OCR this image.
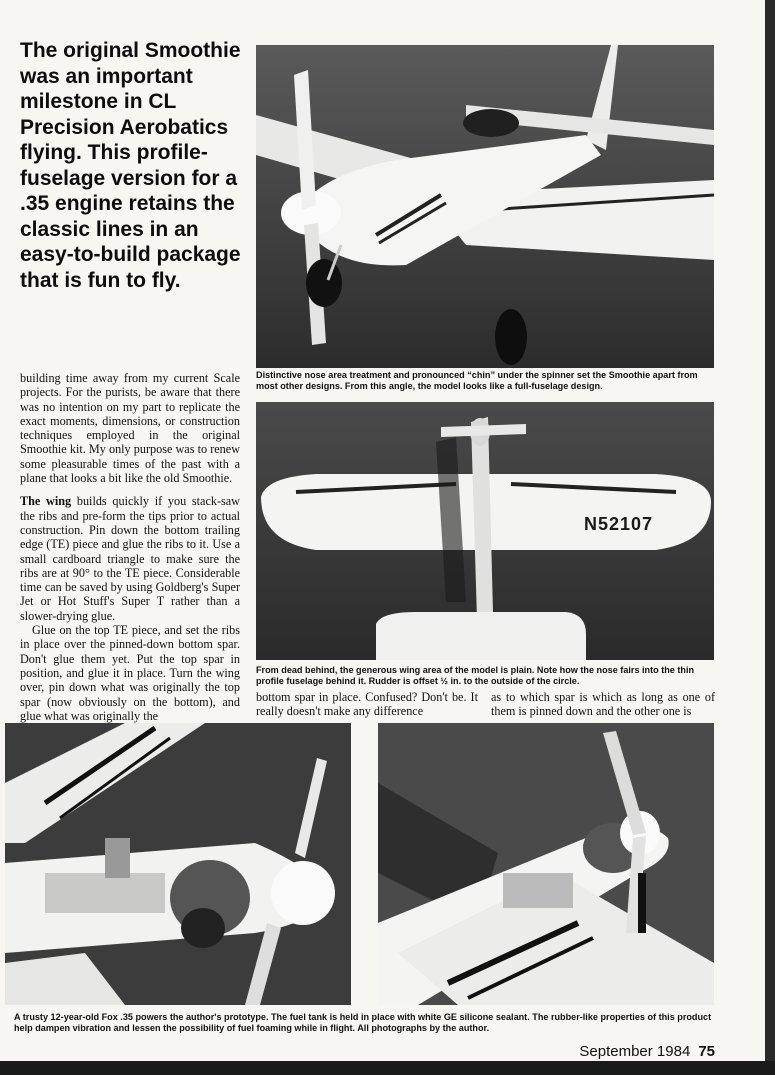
The original Smoothie was an important milestone in CL Precision Aerobatics flying. This profile-fuselage version for a .35 engine retains the classic lines in an easy-to-build package that is fun to fly.

building time away from my current Scale projects. For the purists, be aware that there was no intention on my part to replicate the exact moments, dimensions, or construction techniques employed in the original Smoothie kit. My only purpose was to renew some pleasurable times of the past with a plane that looks a bit like the old Smoothie.

The wing builds quickly if you stack-saw the ribs and pre-form the tips prior to actual construction. Pin down the bottom trailing edge (TE) piece and glue the ribs to it. Use a small cardboard triangle to make sure the ribs are at 90° to the TE piece. Considerable time can be saved by using Goldberg's Super Jet or Hot Stuff's Super T rather than a slower-drying glue.

Glue on the top TE piece, and set the ribs in place over the pinned-down bottom spar. Don't glue them yet. Put the top spar in position, and glue it in place. Turn the wing over, pin down what was originally the top spar (now obviously on the bottom), and glue what was originally the

Distinctive nose area treatment and pronounced “chin” under the spinner set the Smoothie apart from most other designs. From this angle, the model looks like a full-fuselage design.

N52107

From dead behind, the generous wing area of the model is plain. Note how the nose fairs into the thin profile fuselage behind it. Rudder is offset ½ in. to the outside of the circle.

bottom spar in place. Confused? Don't be. It really doesn't make any difference

as to which spar is which as long as one of them is pinned down and the other one is

A trusty 12-year-old Fox .35 powers the author's prototype. The fuel tank is held in place with white GE silicone sealant. The rubber-like properties of this product help dampen vibration and lessen the possibility of fuel foaming while in flight. All photographs by the author.

September 1984 75
